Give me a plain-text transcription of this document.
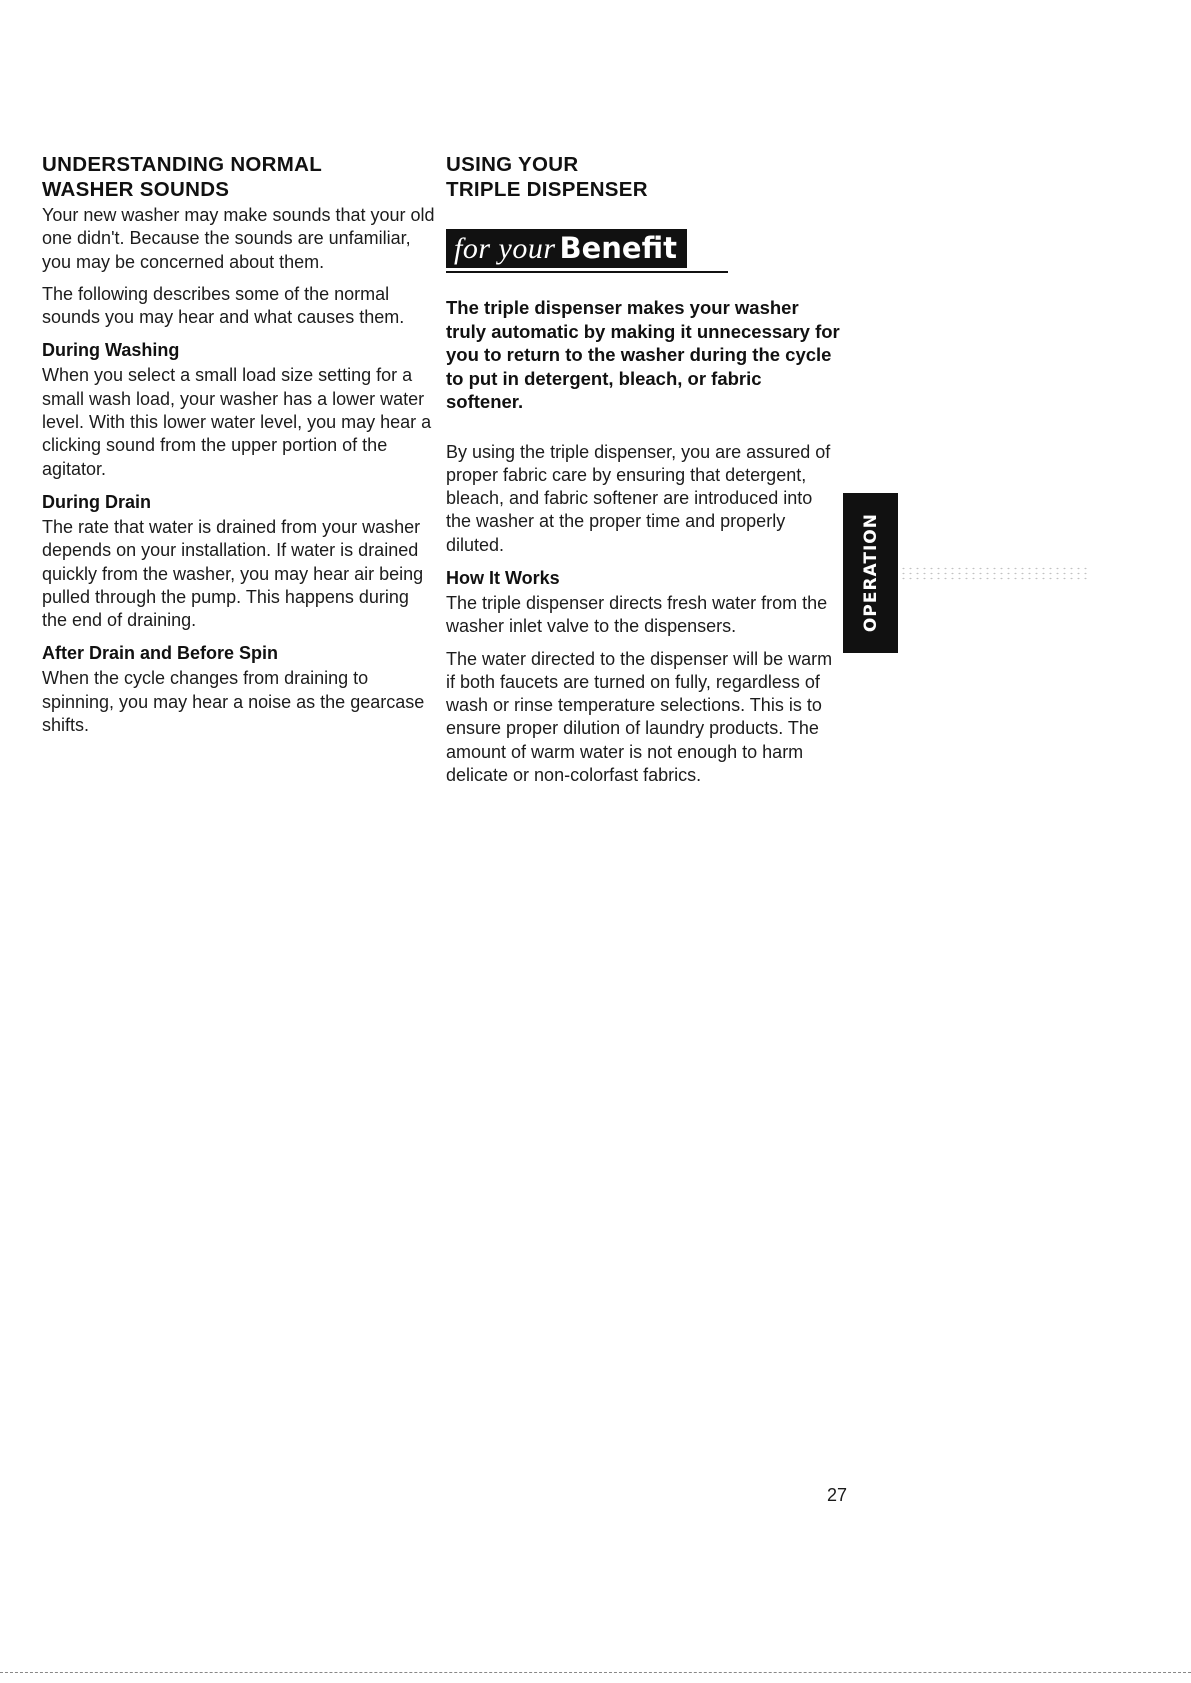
UNDERSTANDING NORMAL
WASHER SOUNDS

Your new washer may make sounds that your old one didn't. Because the sounds are unfamiliar, you may be concerned about them.

The following describes some of the normal sounds you may hear and what causes them.

During Washing

When you select a small load size setting for a small wash load, your washer has a lower water level. With this lower water level, you may hear a clicking sound from the upper portion of the agitator.

During Drain

The rate that water is drained from your washer depends on your installation. If water is drained quickly from the washer, you may hear air being pulled through the pump. This happens during the end of draining.

After Drain and Before Spin

When the cycle changes from draining to spinning, you may hear a noise as the gearcase shifts.

USING YOUR
TRIPLE DISPENSER
for your Benefit

The triple dispenser makes your washer truly automatic by making it unnecessary for you to return to the washer during the cycle to put in detergent, bleach, or fabric softener.

By using the triple dispenser, you are assured of proper fabric care by ensuring that detergent, bleach, and fabric softener are introduced into the washer at the proper time and properly diluted.

How It Works

The triple dispenser directs fresh water from the washer inlet valve to the dispensers.

The water directed to the dispenser will be warm if both faucets are turned on fully, regardless of wash or rinse temperature selections. This is to ensure proper dilution of laundry products. The amount of warm water is not enough to harm delicate or non-colorfast fabrics.

OPERATION
27
